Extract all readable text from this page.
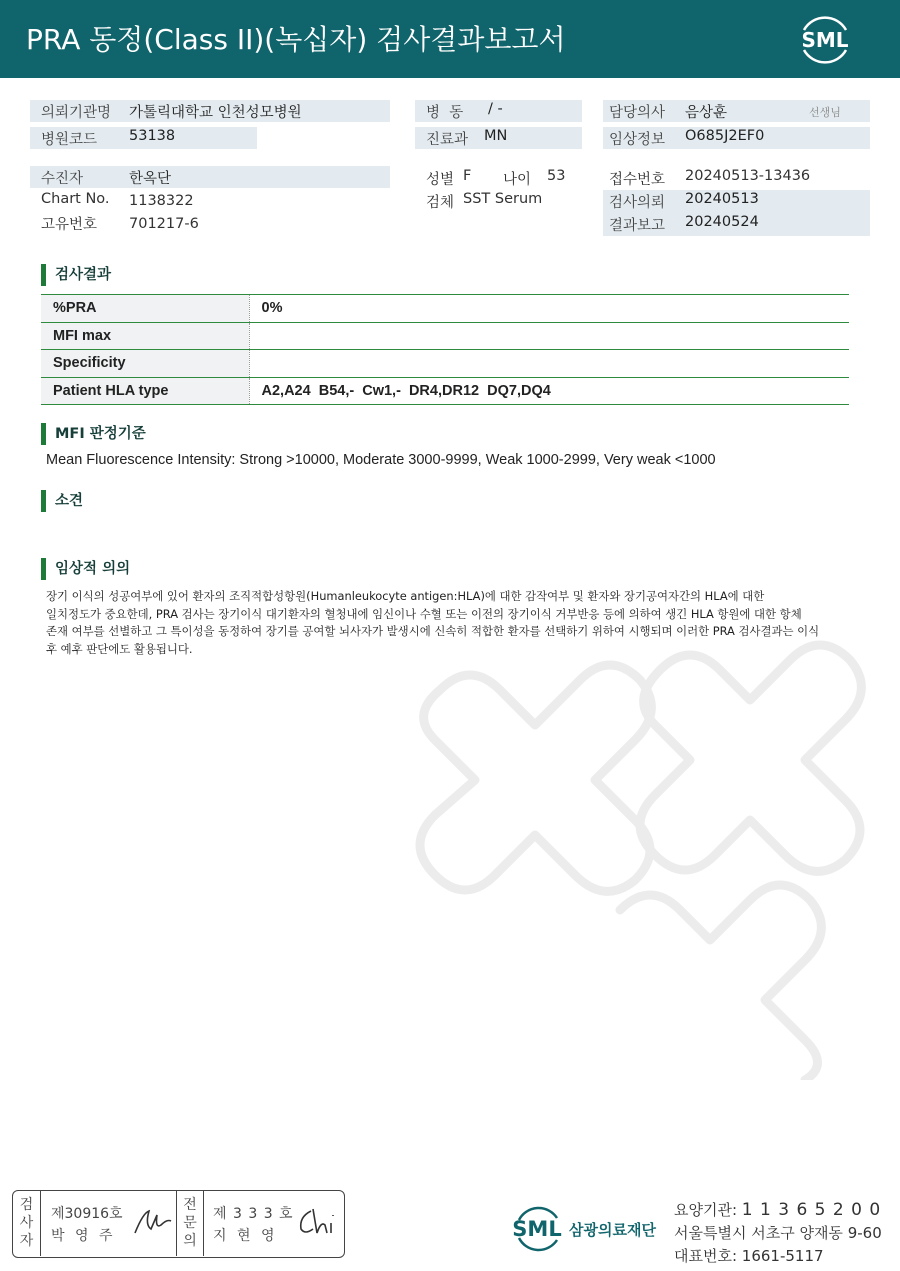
PRA 동정(Class II)(녹십자) 검사결과보고서	SML
의뢰기관명 가톨릭대학교 인천성모병원
병원코드 53138
병  동 / -
진료과 MN
담당의사 음상훈	선생님
임상정보 O685J2EF0
수진자	한옥단
Chart No. 1138322
고유번호 701217-6
성별 F 나이 53
검체 SST Serum
접수번호 20240513-13436
검사의뢰 20240513
결과보고 20240524
검사결과
%PRA	0%
MFI max	
Specificity	
Patient HLA type	A2,A24  B54,-  Cw1,-  DR4,DR12  DQ7,DQ4
MFI 판정기준
Mean Fluorescence Intensity: Strong >10000, Moderate 3000-9999, Weak 1000-2999, Very weak <1000
소견
임상적 의의
장기 이식의 성공여부에 있어 환자의 조직적합성항원(Humanleukocyte antigen:HLA)에 대한 감작여부 및 환자와 장기공여자간의 HLA에 대한
일치정도가 중요한데, PRA 검사는 장기이식 대기환자의 혈청내에 임신이나 수혈 또는 이전의 장기이식 거부반응 등에 의하여 생긴 HLA 항원에 대한 항체
존재 여부를 선별하고 그 특이성을 동정하여 장기를 공여할 뇌사자가 발생시에 신속히 적합한 환자를 선택하기 위하여 시행되며 이러한 PRA 검사결과는 이식
후 예후 판단에도 활용됩니다.
검
사
자
제30916호
박 영 주
전
문
의
제 3 3 3 호
지 현 영	SML 삼광의료재단
요양기관: 1 1 3 6 5 2 0 0
서울특별시 서초구 양재동 9-60
대표번호: 1661-5117
